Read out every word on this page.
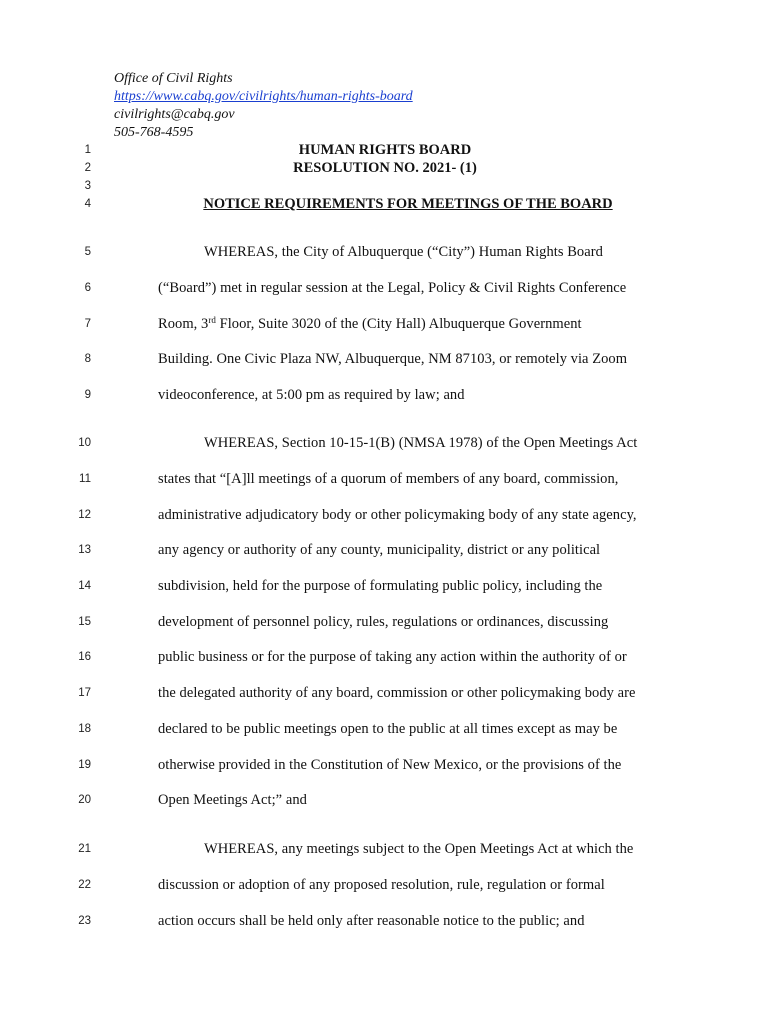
Office of Civil Rights
https://www.cabq.gov/civilrights/human-rights-board
civilrights@cabq.gov
505-768-4595
1
2
3
4
5
6
7
8
9
10
11
12
13
14
15
16
17
18
19
20
21
22
23
HUMAN RIGHTS BOARD
RESOLUTION NO. 2021- (1)
NOTICE REQUIREMENTS FOR MEETINGS OF THE BOARD
WHEREAS, the City of Albuquerque (“City”) Human Rights Board
(“Board”) met in regular session at the Legal, Policy & Civil Rights Conference
Room, 3rd Floor, Suite 3020 of the (City Hall) Albuquerque Government
Building. One Civic Plaza NW, Albuquerque, NM 87103, or remotely via Zoom
videoconference, at 5:00 pm as required by law; and
WHEREAS, Section 10-15-1(B) (NMSA 1978) of the Open Meetings Act
states that “[A]ll meetings of a quorum of members of any board, commission,
administrative adjudicatory body or other policymaking body of any state agency,
any agency or authority of any county, municipality, district or any political
subdivision, held for the purpose of formulating public policy, including the
development of personnel policy, rules, regulations or ordinances, discussing
public business or for the purpose of taking any action within the authority of or
the delegated authority of any board, commission or other policymaking body are
declared to be public meetings open to the public at all times except as may be
otherwise provided in the Constitution of New Mexico, or the provisions of the
Open Meetings Act;” and
WHEREAS, any meetings subject to the Open Meetings Act at which the
discussion or adoption of any proposed resolution, rule, regulation or formal
action occurs shall be held only after reasonable notice to the public; and
